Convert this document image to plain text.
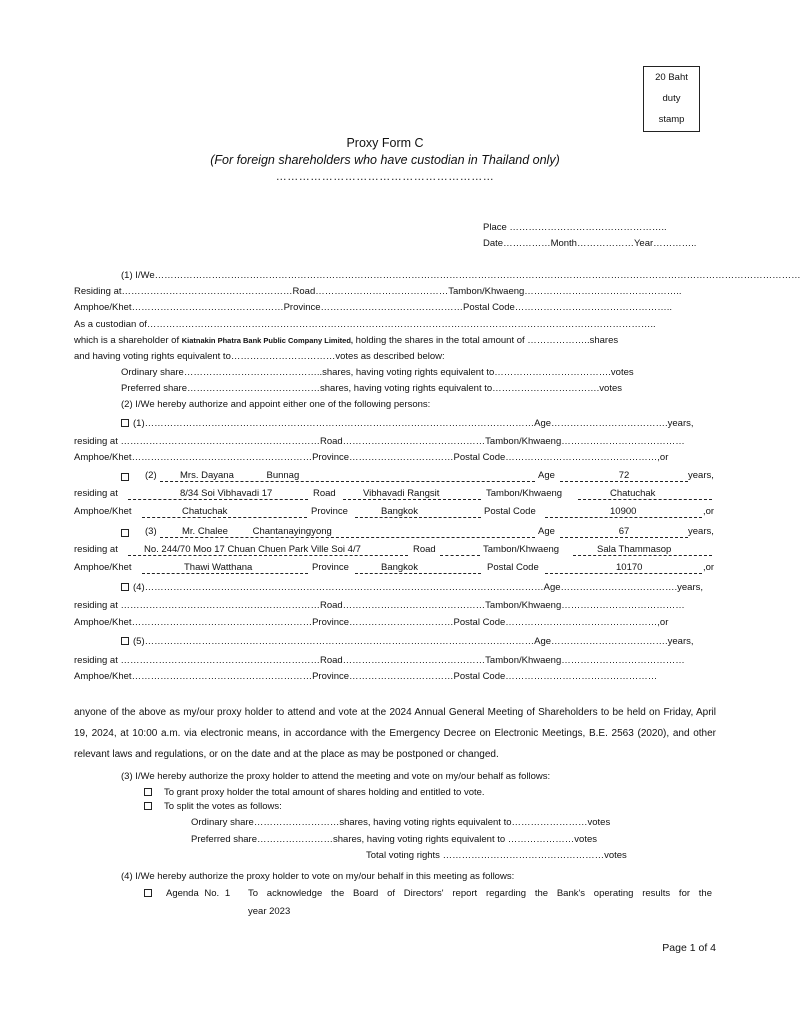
20 Baht
duty
stamp
Proxy Form C
(For foreign shareholders who have custodian in Thailand only)
…………………………………………………
Place …………………………………………..
Date……………Month………………Year…………..
(1) I/We……………………………………………………………………………………………………………………………………………………………………………………
Residing at………………………………………………Road……………………………………Tambon/Khwaeng…………………………………………..
Amphoe/Khet…………………………………………Province………………………………………Postal Code…………………………………………..
As a custodian of……………………………………………………………………………………………………………………………………………..
which is a shareholder of Kiatnakin Phatra Bank Public Company Limited, holding the shares in the total amount of ………………..shares
and having voting rights equivalent to……………………………votes as described below:
Ordinary share……………………………………..shares, having voting rights equivalent to……………………………….votes
Preferred share……………………………………shares, having voting rights equivalent to…………………………….votes
(2) I/We hereby authorize and appoint either one of the following persons:
(1)……………………………………………………………………………………………………………Age……………………………….years,
residing at ………………………………………………………Road………………………………………Tambon/Khwaeng…………………………………
Amphoe/Khet…………………………………………………Province……………………………Postal Code…………………………………………,or
(2)	Mrs. Dayana	Bunnag	Age	72	years,
residing at	8/34 Soi Vibhavadi 17	Road	Vibhavadi Rangsit	Tambon/Khwaeng	Chatuchak
Amphoe/Khet	Chatuchak	Province	Bangkok	Postal Code	10900	,or
(3)	Mr. Chalee	Chantanayingyong	Age	67	years,
residing at	No. 244/70 Moo 17 Chuan Chuen Park Ville Soi 4/7	Road
	Tambon/Khwaeng	Sala Thammasop
Amphoe/Khet	Thawi Watthana	Province	Bangkok	Postal Code	10170	,or
(4)………………………………………………………………………………………………………………Age……………………………….years,
residing at ………………………………………………………Road………………………………………Tambon/Khwaeng…………………………………
Amphoe/Khet…………………………………………………Province……………………………Postal Code…………………………………………,or
(5)……………………………………………………………………………………………………………Age……………………………….years,
residing at ………………………………………………………Road………………………………………Tambon/Khwaeng…………………………………
Amphoe/Khet…………………………………………………Province……………………………Postal Code…………………………………………
anyone of the above as my/our proxy holder to attend and vote at the 2024 Annual General Meeting of Shareholders to be held on Friday, April 19, 2024, at 10:00 a.m. via electronic means, in accordance with the Emergency Decree on Electronic Meetings, B.E. 2563 (2020), and other relevant laws and regulations, or on the date and at the place as may be postponed or changed.
(3) I/We hereby authorize the proxy holder to attend the meeting and vote on my/our behalf as follows:
To grant proxy holder the total amount of shares holding and entitled to vote.
To split the votes as follows:
Ordinary share………………………shares, having voting rights equivalent to……………………votes
Preferred share……………………shares, having voting rights equivalent to …………………votes
Total voting rights ……………………………………………votes
(4) I/We hereby authorize the proxy holder to vote on my/our behalf in this meeting as follows:
Agenda No. 1 To acknowledge the Board of Directors' report regarding the Bank's operating results for the
year 2023
Page 1 of 4
